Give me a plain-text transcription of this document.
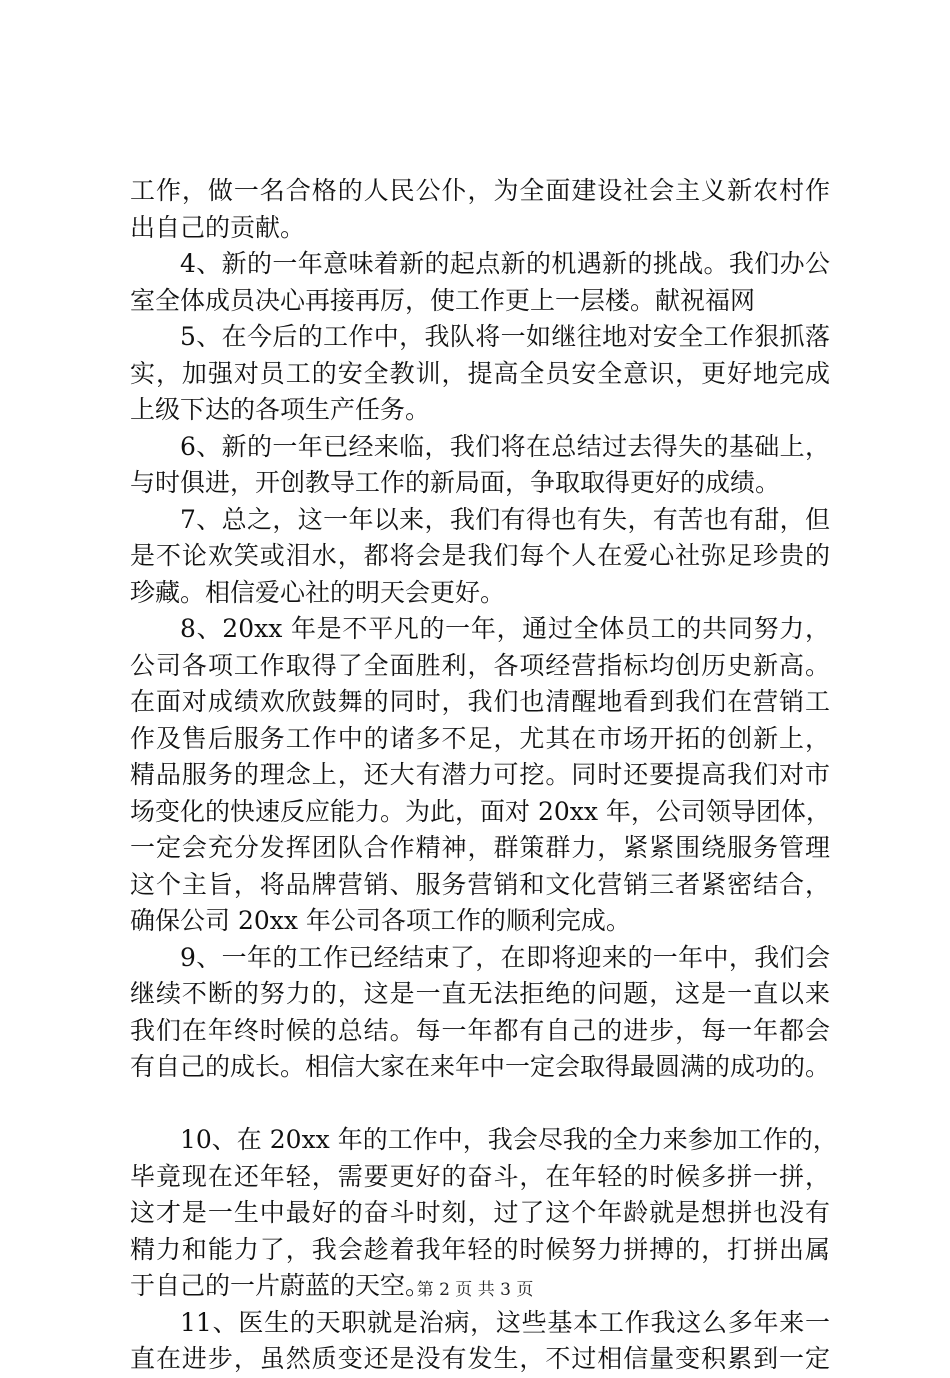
工作，做一名合格的人民公仆，为全面建设社会主义新农村作
出自己的贡献。
4、新的一年意味着新的起点新的机遇新的挑战。我们办公
室全体成员决心再接再厉，使工作更上一层楼。献祝福网
5、在今后的工作中，我队将一如继往地对安全工作狠抓落
实，加强对员工的安全教训，提高全员安全意识，更好地完成
上级下达的各项生产任务。
6、新的一年已经来临，我们将在总结过去得失的基础上，
与时俱进，开创教导工作的新局面，争取取得更好的成绩。
7、总之，这一年以来，我们有得也有失，有苦也有甜，但
是不论欢笑或泪水，都将会是我们每个人在爱心社弥足珍贵的
珍藏。相信爱心社的明天会更好。
8、20xx 年是不平凡的一年，通过全体员工的共同努力，
公司各项工作取得了全面胜利，各项经营指标均创历史新高。
在面对成绩欢欣鼓舞的同时，我们也清醒地看到我们在营销工
作及售后服务工作中的诸多不足，尤其在市场开拓的创新上，
精品服务的理念上，还大有潜力可挖。同时还要提高我们对市
场变化的快速反应能力。为此，面对 20xx 年，公司领导团体，
一定会充分发挥团队合作精神，群策群力，紧紧围绕服务管理
这个主旨，将品牌营销、服务营销和文化营销三者紧密结合，
确保公司 20xx 年公司各项工作的顺利完成。
9、一年的工作已经结束了，在即将迎来的一年中，我们会
继续不断的努力的，这是一直无法拒绝的问题，这是一直以来
我们在年终时候的总结。每一年都有自己的进步，每一年都会
有自己的成长。相信大家在来年中一定会取得最圆满的成功的。
10、在 20xx 年的工作中，我会尽我的全力来参加工作的，
毕竟现在还年轻，需要更好的奋斗，在年轻的时候多拼一拼，
这才是一生中最好的奋斗时刻，过了这个年龄就是想拼也没有
精力和能力了，我会趁着我年轻的时候努力拼搏的，打拼出属
于自己的一片蔚蓝的天空。
11、医生的天职就是治病，这些基本工作我这么多年来一
直在进步，虽然质变还是没有发生，不过相信量变积累到一定
第 2 页 共 3 页
